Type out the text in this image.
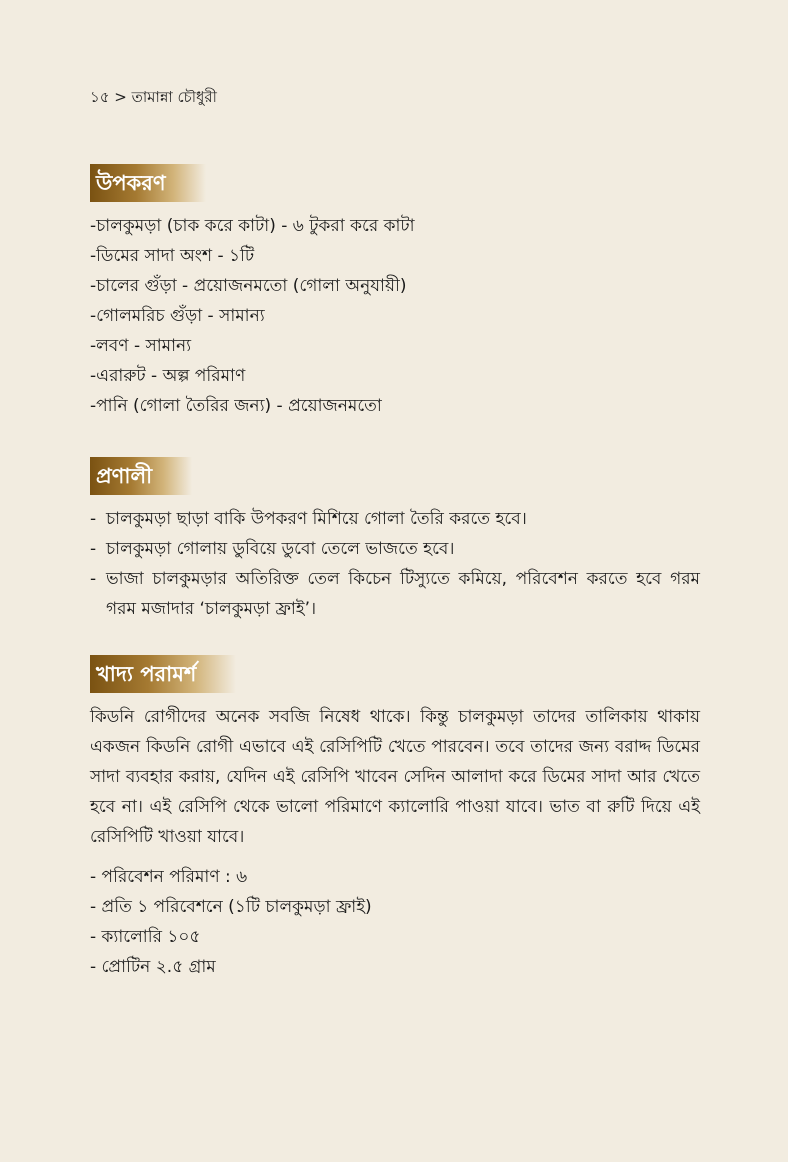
১৫ > তামান্না চৌধুরী
উপকরণ
-চালকুমড়া (চাক করে কাটা) - ৬ টুকরা করে কাটা
-ডিমের সাদা অংশ - ১টি
-চালের গুঁড়া - প্রয়োজনমতো (গোলা অনুযায়ী)
-গোলমরিচ গুঁড়া - সামান্য
-লবণ - সামান্য
-এরারুট - অল্প পরিমাণ
-পানি (গোলা তৈরির জন্য) - প্রয়োজনমতো
প্রণালী
- চালকুমড়া ছাড়া বাকি উপকরণ মিশিয়ে গোলা তৈরি করতে হবে।
- চালকুমড়া গোলায় ডুবিয়ে ডুবো তেলে ভাজতে হবে।
- ভাজা চালকুমড়ার অতিরিক্ত তেল কিচেন টিস্যুতে কমিয়ে, পরিবেশন করতে হবে গরম গরম মজাদার ‘চালকুমড়া ফ্রাই’।
খাদ্য পরামর্শ

কিডনি রোগীদের অনেক সবজি নিষেধ থাকে। কিন্তু চালকুমড়া তাদের তালিকায় থাকায় একজন কিডনি রোগী এভাবে এই রেসিপিটি খেতে পারবেন। তবে তাদের জন্য বরাদ্দ ডিমের সাদা ব্যবহার করায়, যেদিন এই রেসিপি খাবেন সেদিন আলাদা করে ডিমের সাদা আর খেতে হবে না। এই রেসিপি থেকে ভালো পরিমাণে ক্যালোরি পাওয়া যাবে। ভাত বা রুটি দিয়ে এই রেসিপিটি খাওয়া যাবে।

- পরিবেশন পরিমাণ : ৬
- প্রতি ১ পরিবেশনে (১টি চালকুমড়া ফ্রাই)
- ক্যালোরি ১০৫
- প্রোটিন ২.৫ গ্রাম
